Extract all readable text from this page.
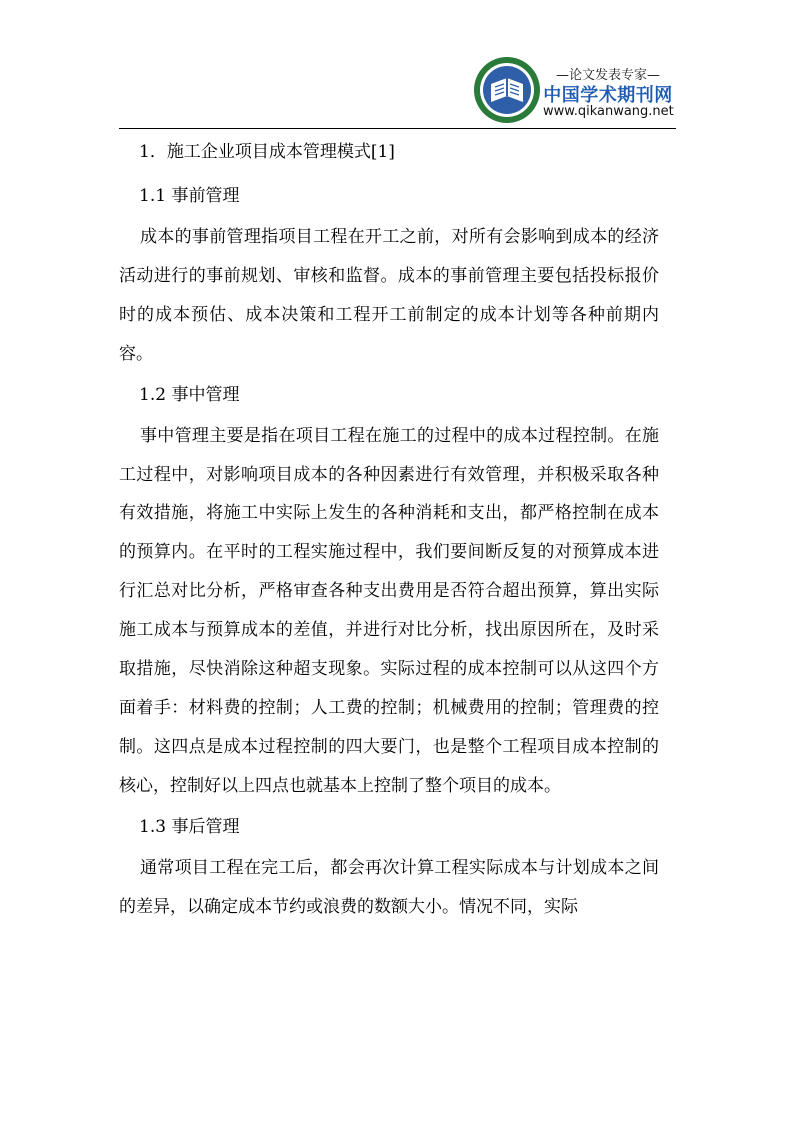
—论文发表专家—
中国学术期刊网
www.qikanwang.net
1．施工企业项目成本管理模式[1]
1.1 事前管理

成本的事前管理指项目工程在开工之前，对所有会影响到成本的经济活动进行的事前规划、审核和监督。成本的事前管理主要包括投标报价时的成本预估、成本决策和工程开工前制定的成本计划等各种前期内容。

1.2 事中管理

事中管理主要是指在项目工程在施工的过程中的成本过程控制。在施工过程中，对影响项目成本的各种因素进行有效管理，并积极采取各种有效措施，将施工中实际上发生的各种消耗和支出，都严格控制在成本的预算内。在平时的工程实施过程中，我们要间断反复的对预算成本进行汇总对比分析，严格审查各种支出费用是否符合超出预算，算出实际施工成本与预算成本的差值，并进行对比分析，找出原因所在，及时采取措施，尽快消除这种超支现象。实际过程的成本控制可以从这四个方面着手：材料费的控制；人工费的控制；机械费用的控制；管理费的控制。这四点是成本过程控制的四大要门，也是整个工程项目成本控制的核心，控制好以上四点也就基本上控制了整个项目的成本。

1.3 事后管理

通常项目工程在完工后，都会再次计算工程实际成本与计划成本之间的差异，以确定成本节约或浪费的数额大小。情况不同，实际
